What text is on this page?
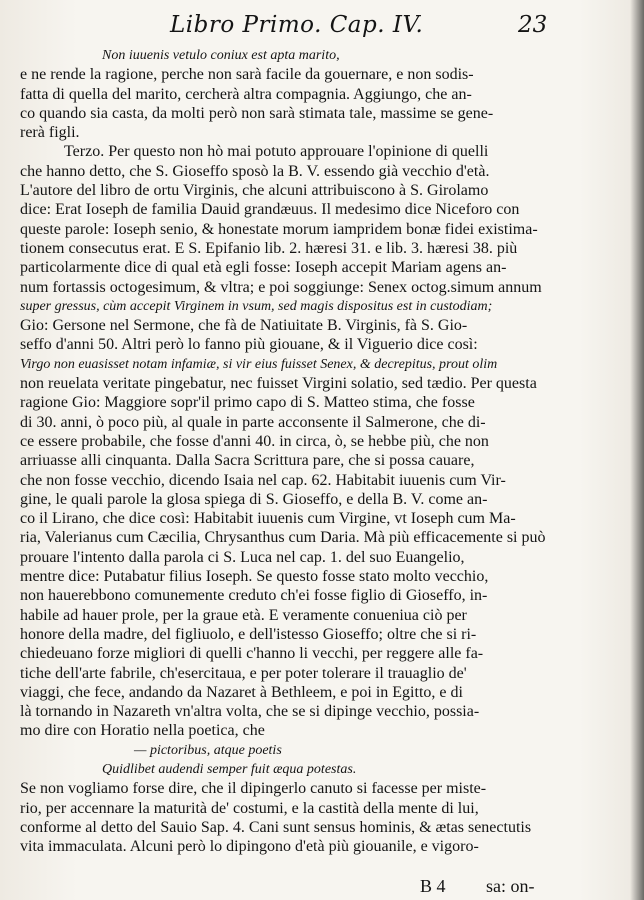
Libro Primo. Cap. IV.	23
Non iuuenis vetulo coniux est apta marito,
e ne rende la ragione, perche non sarà facile da gouernare, e non sodis-
fatta di quella del marito, cercherà altra compagnia. Aggiungo, che an-
co quando sia casta, da molti però non sarà stimata tale, massime se gene-
rerà figli.
Terzo. Per questo non hò mai potuto approuare l'opinione di quelli
che hanno detto, che S. Gioseffo sposò la B. V. essendo già vecchio d'età.
L'autore del libro de ortu Virginis, che alcuni attribuiscono à S. Girolamo
dice: Erat Ioseph de familia Dauid grandæuus. Il medesimo dice Niceforo con
queste parole: Ioseph senio, & honestate morum iampridem bonæ fidei existima-
tionem consecutus erat. E S. Epifanio lib. 2. hæresi 31. e lib. 3. hæresi 38. più
particolarmente dice di qual età egli fosse: Ioseph accepit Mariam agens an-
num fortassis octogesimum, & vltra; e poi soggiunge: Senex octog.simum annum
super gressus, cùm accepit Virginem in vsum, sed magis dispositus est in custodiam;
Gio: Gersone nel Sermone, che fà de Natiuitate B. Virginis, fà S. Gio-
seffo d'anni 50. Altri però lo fanno più giouane, & il Viguerio dice così:
Virgo non euasisset notam infamiæ, si vir eius fuisset Senex, & decrepitus, prout olim
non reuelata veritate pingebatur, nec fuisset Virgini solatio, sed tædio. Per questa
ragione Gio: Maggiore sopr'il primo capo di S. Matteo stima, che fosse
di 30. anni, ò poco più, al quale in parte acconsente il Salmerone, che di-
ce essere probabile, che fosse d'anni 40. in circa, ò, se hebbe più, che non
arriuasse alli cinquanta. Dalla Sacra Scrittura pare, che si possa cauare,
che non fosse vecchio, dicendo Isaia nel cap. 62. Habitabit iuuenis cum Vir-
gine, le quali parole la glosa spiega di S. Gioseffo, e della B. V. come an-
co il Lirano, che dice così: Habitabit iuuenis cum Virgine, vt Ioseph cum Ma-
ria, Valerianus cum Cæcilia, Chrysanthus cum Daria. Mà più efficacemente si può
prouare l'intento dalla parola ci S. Luca nel cap. 1. del suo Euangelio,
mentre dice: Putabatur filius Ioseph. Se questo fosse stato molto vecchio,
non hauerebbono comunemente creduto ch'ei fosse figlio di Gioseffo, in-
habile ad hauer prole, per la graue età. E veramente conueniua ciò per
honore della madre, del figliuolo, e dell'istesso Gioseffo; oltre che si ri-
chiedeuano forze migliori di quelli c'hanno li vecchi, per reggere alle fa-
tiche dell'arte fabrile, ch'esercitaua, e per poter tolerare il trauaglio de'
viaggi, che fece, andando da Nazaret à Bethleem, e poi in Egitto, e di
là tornando in Nazareth vn'altra volta, che se si dipinge vecchio, possia-
mo dire con Horatio nella poetica, che
— pictoribus, atque poetis
Quidlibet audendi semper fuit æqua potestas.
Se non vogliamo forse dire, che il dipingerlo canuto si facesse per miste-
rio, per accennare la maturità de' costumi, e la castità della mente di lui,
conforme al detto del Sauio Sap. 4. Cani sunt sensus hominis, & ætas senectutis
vita immaculata. Alcuni però lo dipingono d'età più giouanile, e vigoro-
B 4 sa: on-
